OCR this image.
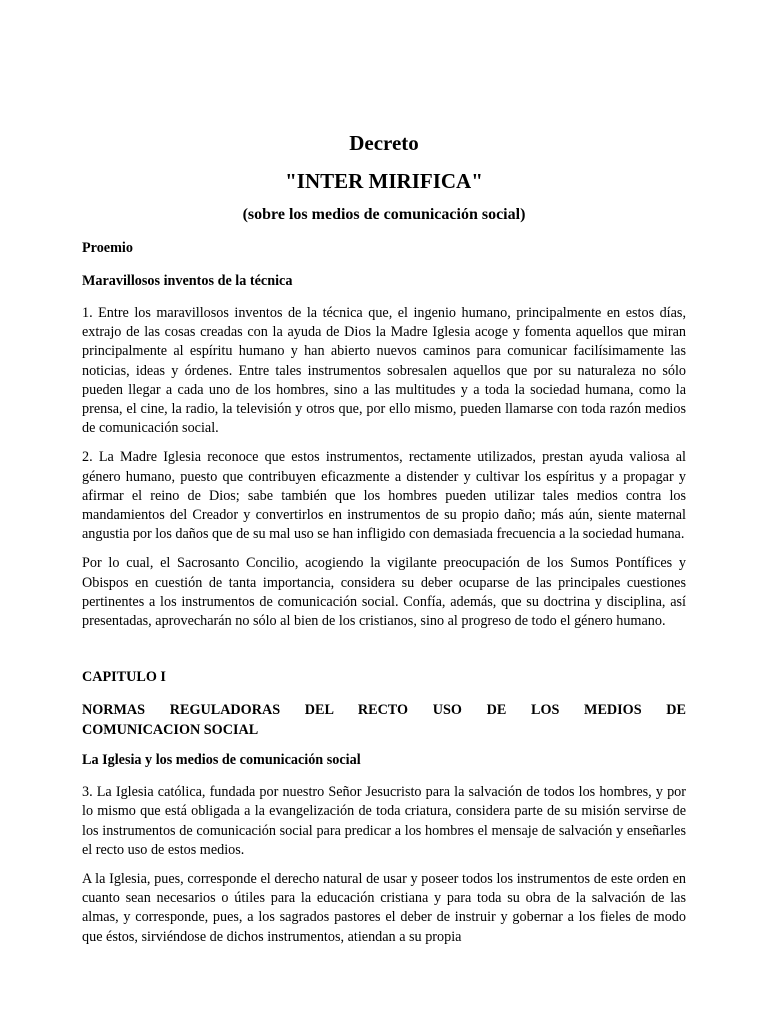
Decreto
"INTER MIRIFICA"
(sobre los medios de comunicación social)
Proemio
Maravillosos inventos de la técnica

1. Entre los maravillosos inventos de la técnica que, el ingenio humano, principalmente en estos días, extrajo de las cosas creadas con la ayuda de Dios la Madre Iglesia acoge y fomenta aquellos que miran principalmente al espíritu humano y han abierto nuevos caminos para comunicar facilísimamente las noticias, ideas y órdenes. Entre tales instrumentos sobresalen aquellos que por su naturaleza no sólo pueden llegar a cada uno de los hombres, sino a las multitudes y a toda la sociedad humana, como la prensa, el cine, la radio, la televisión y otros que, por ello mismo, pueden llamarse con toda razón medios de comunicación social.

2. La Madre Iglesia reconoce que estos instrumentos, rectamente utilizados, prestan ayuda valiosa al género humano, puesto que contribuyen eficazmente a distender y cultivar los espíritus y a propagar y afirmar el reino de Dios; sabe también que los hombres pueden utilizar tales medios contra los mandamientos del Creador y convertirlos en instrumentos de su propio daño; más aún, siente maternal angustia por los daños que de su mal uso se han infligido con demasiada frecuencia a la sociedad humana.

Por lo cual, el Sacrosanto Concilio, acogiendo la vigilante preocupación de los Sumos Pontífices y Obispos en cuestión de tanta importancia, considera su deber ocuparse de las principales cuestiones pertinentes a los instrumentos de comunicación social. Confía, además, que su doctrina y disciplina, así presentadas, aprovecharán no sólo al bien de los cristianos, sino al progreso de todo el género humano.

CAPITULO I
NORMAS REGULADORAS DEL RECTO USO DE LOS MEDIOS DE
COMUNICACION SOCIAL
La Iglesia y los medios de comunicación social

3. La Iglesia católica, fundada por nuestro Señor Jesucristo para la salvación de todos los hombres, y por lo mismo que está obligada a la evangelización de toda criatura, considera parte de su misión servirse de los instrumentos de comunicación social para predicar a los hombres el mensaje de salvación y enseñarles el recto uso de estos medios.

A la Iglesia, pues, corresponde el derecho natural de usar y poseer todos los instrumentos de este orden en cuanto sean necesarios o útiles para la educación cristiana y para toda su obra de la salvación de las almas, y corresponde, pues, a los sagrados pastores el deber de instruir y gobernar a los fieles de modo que éstos, sirviéndose de dichos instrumentos, atiendan a su propia
